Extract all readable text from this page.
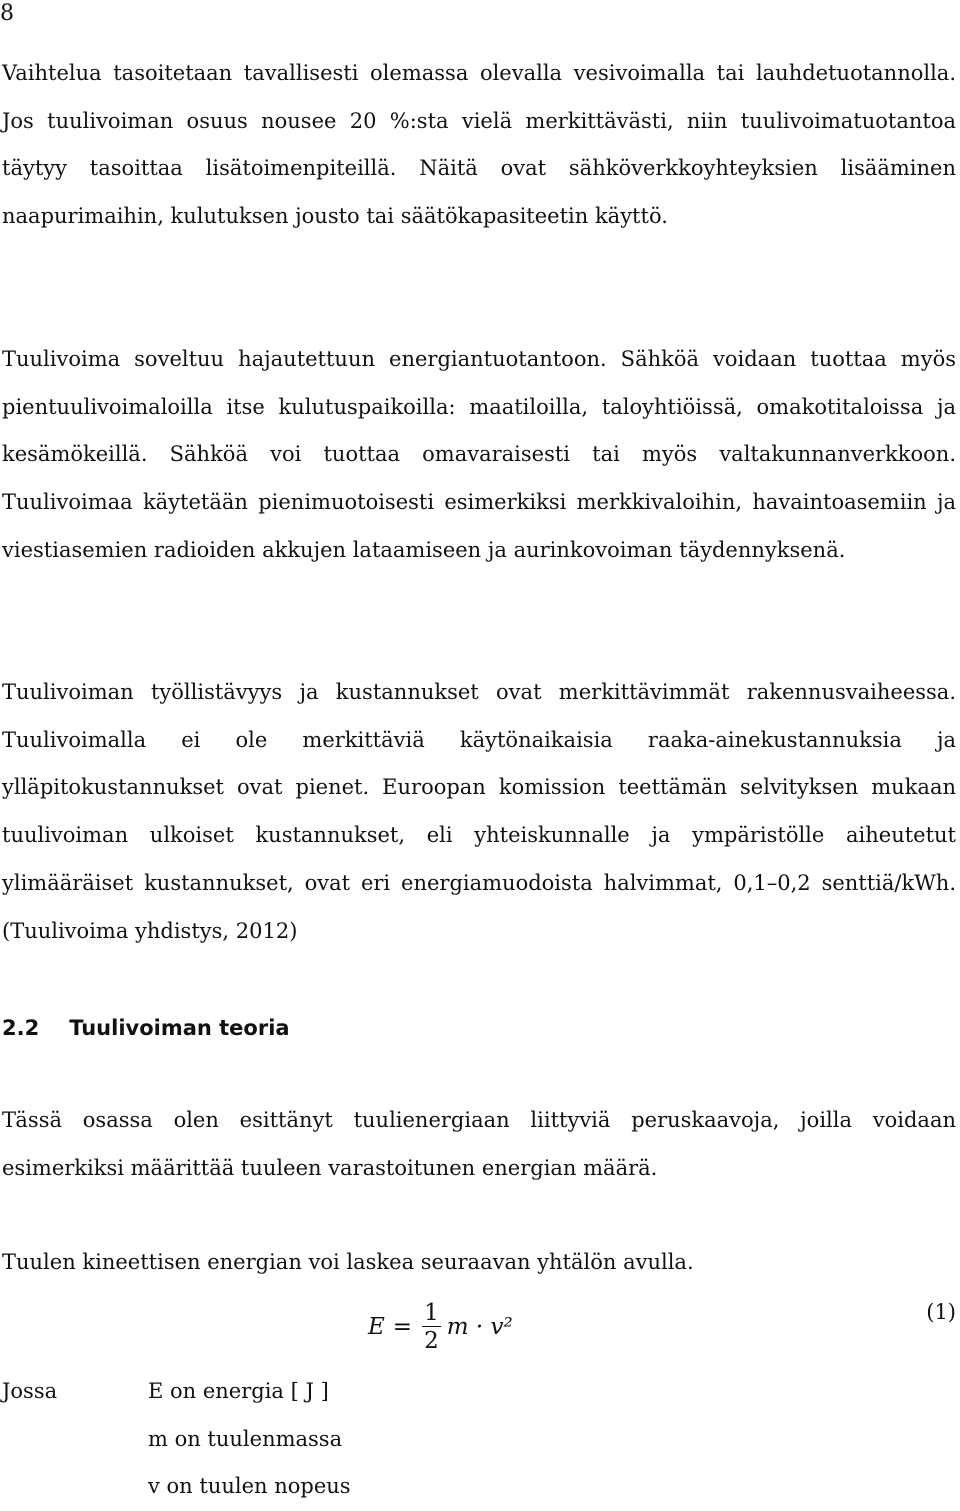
8

Vaihtelua tasoitetaan tavallisesti olemassa olevalla vesivoimalla tai lauhdetuotannolla. Jos tuulivoiman osuus nousee 20 %:sta vielä merkittävästi, niin tuulivoimatuotantoa täytyy tasoittaa lisätoimenpiteillä. Näitä ovat sähköverkkoyhteyksien lisääminen naapurimaihin, kulutuksen jousto tai säätökapasiteetin käyttö.

Tuulivoima soveltuu hajautettuun energiantuotantoon. Sähköä voidaan tuottaa myös pientuulivoimaloilla itse kulutuspaikoilla: maatiloilla, taloyhtiöissä, omakotitaloissa ja kesämökeillä. Sähköä voi tuottaa omavaraisesti tai myös valtakunnanverkkoon. Tuulivoimaa käytetään pienimuotoisesti esimerkiksi merkkivaloihin, havaintoasemiin ja viestiasemien radioiden akkujen lataamiseen ja aurinkovoiman täydennyksenä.

Tuulivoiman työllistävyys ja kustannukset ovat merkittävimmät rakennusvaiheessa. Tuulivoimalla ei ole merkittäviä käytönaikaisia raaka-ainekustannuksia ja ylläpitokustannukset ovat pienet. Euroopan komission teettämän selvityksen mukaan tuulivoiman ulkoiset kustannukset, eli yhteiskunnalle ja ympäristölle aiheutetut ylimääräiset kustannukset, ovat eri energiamuodoista halvimmat, 0,1–0,2 senttiä/kWh. (Tuulivoima yhdistys, 2012)

2.2 Tuulivoiman teoria

Tässä osassa olen esittänyt tuulienergiaan liittyviä peruskaavoja, joilla voidaan esimerkiksi määrittää tuuleen varastoitunen energian määrä.

Tuulen kineettisen energian voi laskea seuraavan yhtälön avulla.

$E = \frac{1}{2}$ m · v²
(1)
Jossa	E on energia [ J ]
m on tuulenmassa
v on tuulen nopeus
